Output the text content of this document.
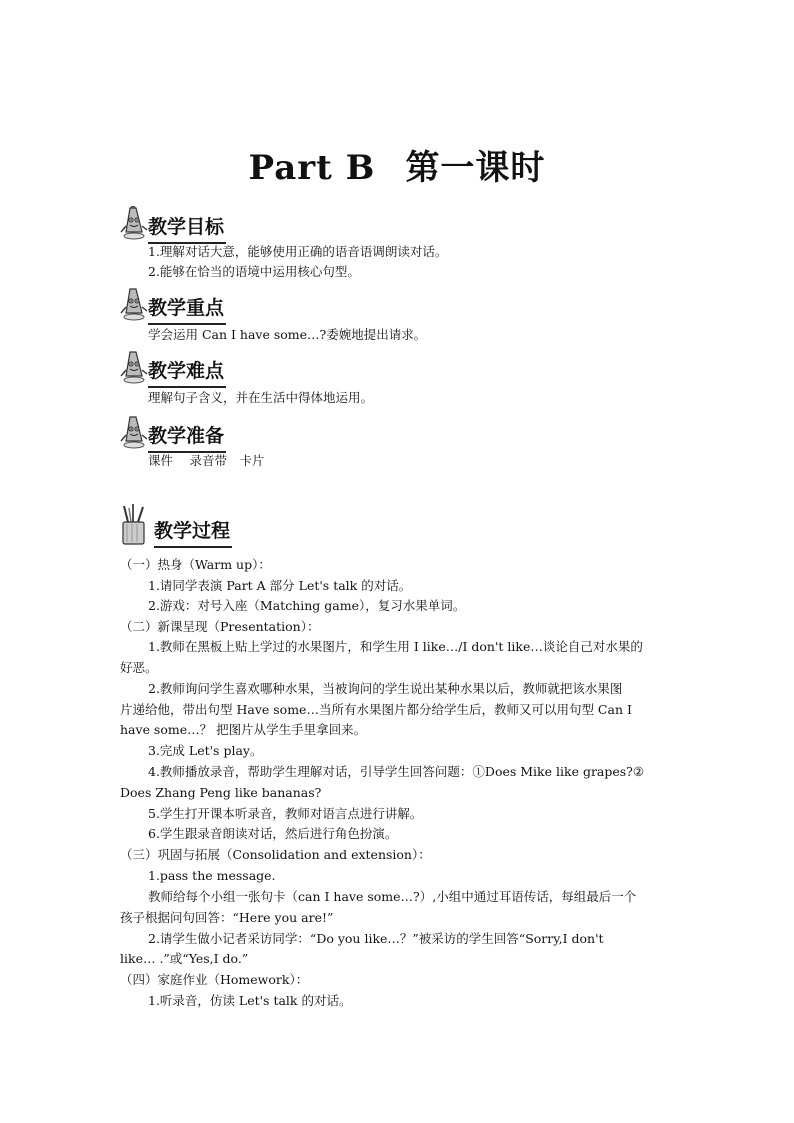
Part B 第一课时
教学目标
1.理解对话大意，能够使用正确的语音语调朗读对话。
2.能够在恰当的语境中运用核心句型。
教学重点
学会运用 Can I have some…?委婉地提出请求。
教学难点
理解句子含义，并在生活中得体地运用。
教学准备
课件　 录音带　卡片
教学过程
（一）热身（Warm up）：
1.请同学表演 Part A 部分 Let's talk 的对话。
2.游戏：对号入座（Matching game），复习水果单词。
（二）新课呈现（Presentation）：
1.教师在黑板上贴上学过的水果图片，和学生用 I like…/I don't like…谈论自己对水果的
好恶。
2.教师询问学生喜欢哪种水果，当被询问的学生说出某种水果以后，教师就把该水果图
片递给他，带出句型 Have some…当所有水果图片都分给学生后，教师又可以用句型 Can I
have some…？ 把图片从学生手里拿回来。
3.完成 Let's play。
4.教师播放录音，帮助学生理解对话，引导学生回答问题：①Does Mike like grapes?②
Does Zhang Peng like bananas?
5.学生打开课本听录音，教师对语言点进行讲解。
6.学生跟录音朗读对话，然后进行角色扮演。
（三）巩固与拓展（Consolidation and extension）：
1.pass the message.
教师给每个小组一张句卡（can I have some…?）,小组中通过耳语传话，每组最后一个
孩子根据问句回答：“Here you are!”
2.请学生做小记者采访同学：“Do you like…？”被采访的学生回答“Sorry,I don't
like… .”或“Yes,I do.”
（四）家庭作业（Homework）：
1.听录音，仿读 Let's talk 的对话。
